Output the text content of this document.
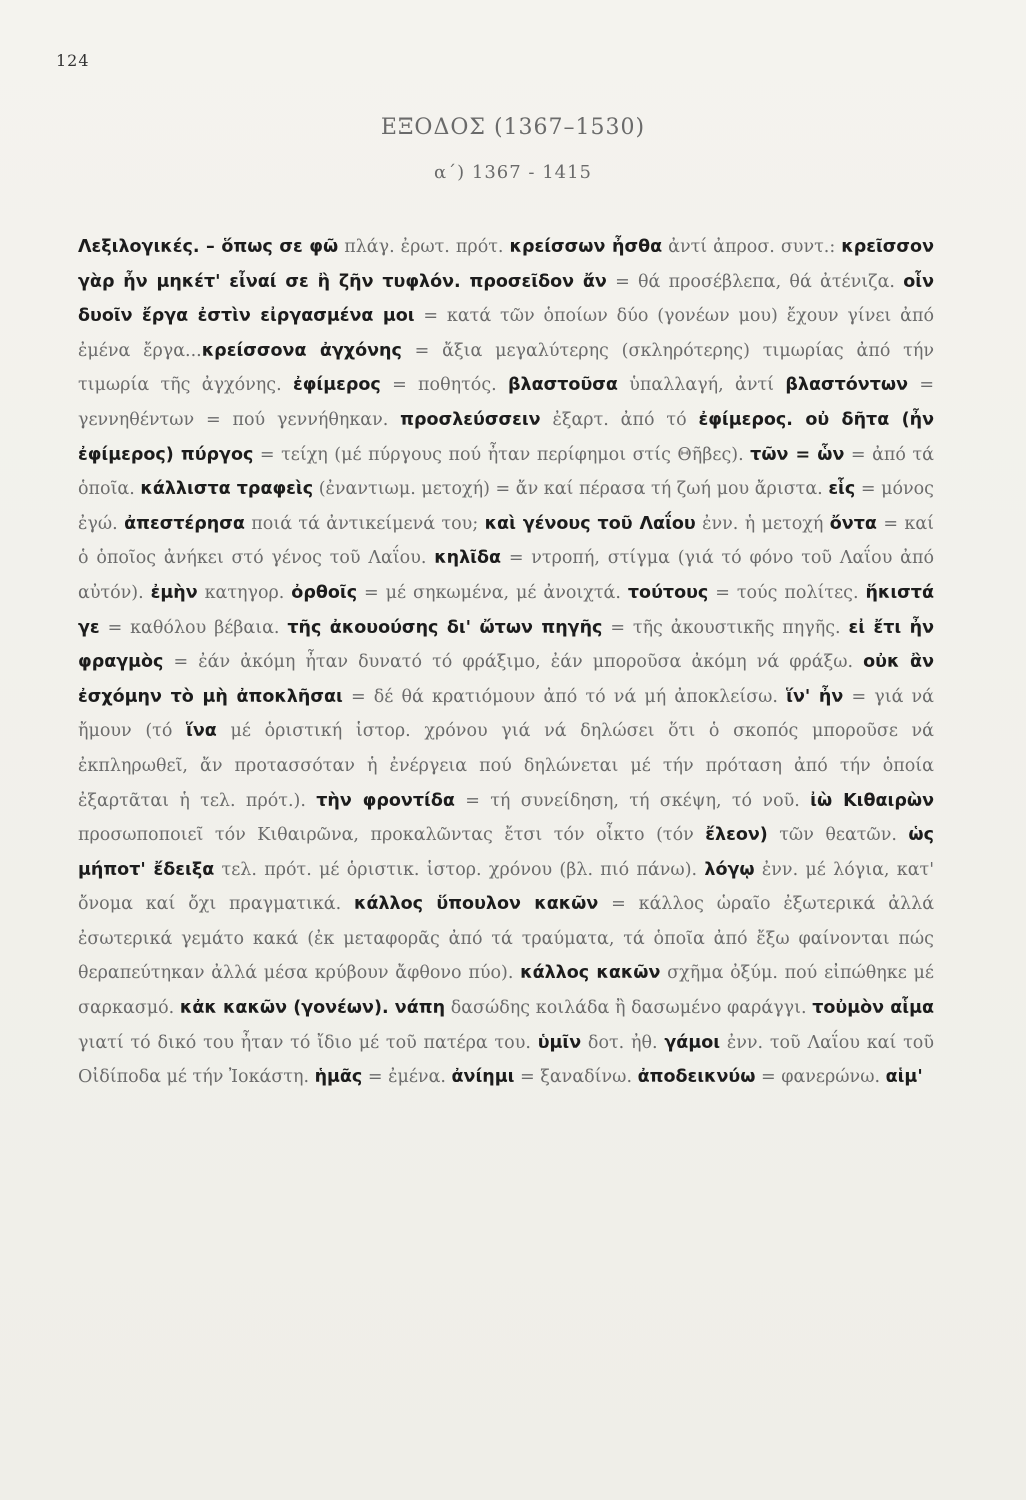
124
ΕΞΟΔΟΣ (1367–1530)
α΄) 1367 - 1415
Λεξιλογικές. – ὅπως σε φῶ πλάγ. ἐρωτ. πρότ. κρείσσων ἦσθα ἀντί ἀπροσ. συντ.: κρεῖσσον γὰρ ἦν μηκέτ' εἶναί σε ἢ ζῆν τυφλόν. προσεῖδον ἄν = θά προσέβλεπα, θά ἀτένιζα. οἷν δυοῖν ἔργα ἐστὶν εἰργασμένα μοι = κατά τῶν ὁποίων δύο (γονέων μου) ἔχουν γίνει ἀπό ἐμένα ἔργα...κρείσσονα ἀγχόνης = ἄξια μεγαλύτερης (σκληρότερης) τιμωρίας ἀπό τήν τιμωρία τῆς ἀγχόνης. ἐφίμερος = ποθητός. βλαστοῦσα ὑπαλλαγή, ἀντί βλαστόντων = γεννηθέντων = πού γεννήθηκαν. προσλεύσσειν ἐξαρτ. ἀπό τό ἐφίμερος. οὐ δῆτα (ἦν ἐφίμερος) πύργος = τείχη (μέ πύργους πού ἦταν περίφημοι στίς Θῆβες). τῶν = ὧν = ἀπό τά ὁποῖα. κάλλιστα τραφεὶς (ἐναντιωμ. μετοχή) = ἄν καί πέρασα τή ζωή μου ἄριστα. εἷς = μόνος ἐγώ. ἀπεστέρησα ποιά τά ἀντικείμενά του; καὶ γένους τοῦ Λαΐου ἐνν. ἡ μετοχή ὄντα = καί ὁ ὁποῖος ἀνήκει στό γένος τοῦ Λαΐου. κηλῖδα = ντροπή, στίγμα (γιά τό φόνο τοῦ Λαΐου ἀπό αὐτόν). ἐμὴν κατηγορ. ὀρθοῖς = μέ σηκωμένα, μέ ἀνοιχτά. τούτους = τούς πολίτες. ἥκιστά γε = καθόλου βέβαια. τῆς ἀκουούσης δι' ὤτων πηγῆς = τῆς ἀκουστικῆς πηγῆς. εἰ ἔτι ἦν φραγμὸς = ἐάν ἀκόμη ἦταν δυνατό τό φράξιμο, ἐάν μποροῦσα ἀκόμη νά φράξω. οὐκ ἂν ἐσχόμην τὸ μὴ ἀποκλῆσαι = δέ θά κρατιόμουν ἀπό τό νά μή ἀποκλείσω. ἵν' ἦν = γιά νά ἤμουν (τό ἵνα μέ ὁριστική ἱστορ. χρόνου γιά νά δηλώσει ὅτι ὁ σκοπός μποροῦσε νά ἐκπληρωθεῖ, ἄν προτασσόταν ἡ ἐνέργεια πού δηλώνεται μέ τήν πρόταση ἀπό τήν ὁποία ἐξαρτᾶται ἡ τελ. πρότ.). τὴν φροντίδα = τή συνείδηση, τή σκέψη, τό νοῦ. ἰὼ Κιθαιρὼν προσωποποιεῖ τόν Κιθαιρῶνα, προκαλῶντας ἔτσι τόν οἶκτο (τόν ἔλεον) τῶν θεατῶν. ὡς μήποτ' ἔδειξα τελ. πρότ. μέ ὁριστικ. ἱστορ. χρόνου (βλ. πιό πάνω). λόγῳ ἐνν. μέ λόγια, κατ' ὄνομα καί ὄχι πραγματικά. κάλλος ὕπουλον κακῶν = κάλλος ὡραῖο ἐξωτερικά ἀλλά ἐσωτερικά γεμάτο κακά (ἐκ μεταφορᾶς ἀπό τά τραύματα, τά ὁποῖα ἀπό ἔξω φαίνονται πώς θεραπεύτηκαν ἀλλά μέσα κρύβουν ἄφθονο πύο). κάλλος κακῶν σχῆμα ὀξύμ. πού εἰπώθηκε μέ σαρκασμό. κἀκ κακῶν (γονέων). νάπη δασώδης κοιλάδα ἢ δασωμένο φαράγγι. τοὐμὸν αἷμα γιατί τό δικό του ἦταν τό ἴδιο μέ τοῦ πατέρα του. ὑμῖν δοτ. ἠθ. γάμοι ἐνν. τοῦ Λαΐου καί τοῦ Οἰδίποδα μέ τήν Ἰοκάστη. ἡμᾶς = ἐμένα. ἀνίημι = ξαναδίνω. ἀποδεικνύω = φανερώνω. αἱμ'
